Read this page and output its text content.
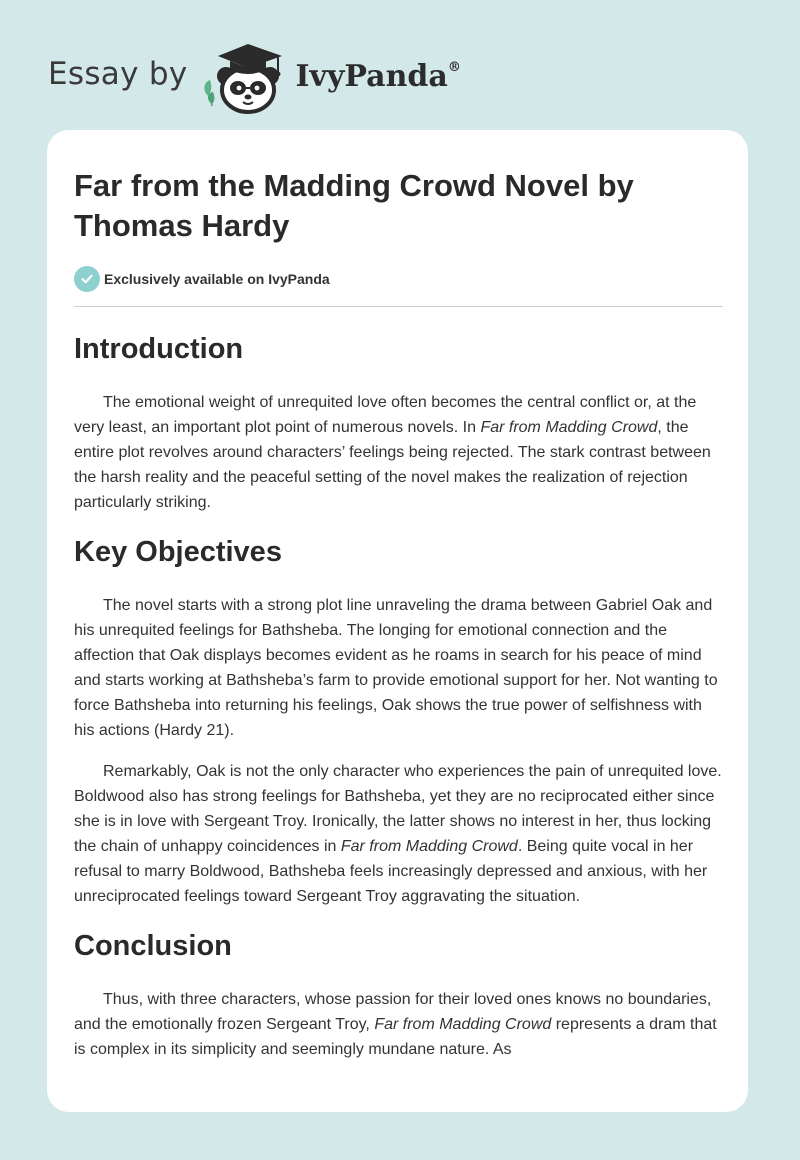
Essay by	IvyPanda®
Far from the Madding Crowd Novel by Thomas Hardy
Exclusively available on IvyPanda
Introduction

The emotional weight of unrequited love often becomes the central conflict or, at the very least, an important plot point of numerous novels. In Far from Madding Crowd, the entire plot revolves around characters’ feelings being rejected. The stark contrast between the harsh reality and the peaceful setting of the novel makes the realization of rejection particularly striking.

Key Objectives

The novel starts with a strong plot line unraveling the drama between Gabriel Oak and his unrequited feelings for Bathsheba. The longing for emotional connection and the affection that Oak displays becomes evident as he roams in search for his peace of mind and starts working at Bathsheba’s farm to provide emotional support for her. Not wanting to force Bathsheba into returning his feelings, Oak shows the true power of selfishness with his actions (Hardy 21).

Remarkably, Oak is not the only character who experiences the pain of unrequited love. Boldwood also has strong feelings for Bathsheba, yet they are no reciprocated either since she is in love with Sergeant Troy. Ironically, the latter shows no interest in her, thus locking the chain of unhappy coincidences in Far from Madding Crowd. Being quite vocal in her refusal to marry Boldwood, Bathsheba feels increasingly depressed and anxious, with her unreciprocated feelings toward Sergeant Troy aggravating the situation.

Conclusion

Thus, with three characters, whose passion for their loved ones knows no boundaries, and the emotionally frozen Sergeant Troy, Far from Madding Crowd represents a dram that is complex in its simplicity and seemingly mundane nature. As
